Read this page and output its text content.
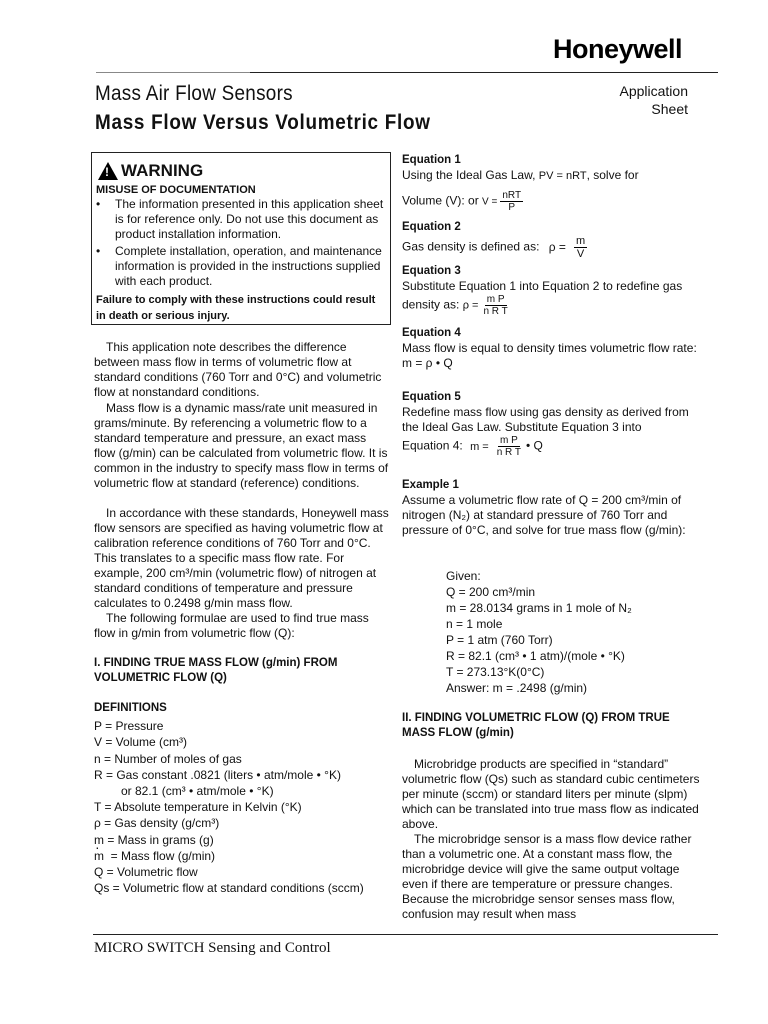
Honeywell
Mass Air Flow Sensors
Mass Flow Versus Volumetric Flow
Application
Sheet
! WARNING
MISUSE OF DOCUMENTATION
• The information presented in this application sheet is for reference only. Do not use this document as product installation information.
• Complete installation, operation, and maintenance information is provided in the instructions supplied with each product.
Failure to comply with these instructions could result in death or serious injury.
This application note describes the difference between mass flow in terms of volumetric flow at standard conditions (760 Torr and 0°C) and volumetric flow at nonstandard conditions.
Mass flow is a dynamic mass/rate unit measured in grams/minute. By referencing a volumetric flow to a standard temperature and pressure, an exact mass flow (g/min) can be calculated from volumetric flow. It is common in the industry to specify mass flow in terms of volumetric flow at standard (reference) conditions.
In accordance with these standards, Honeywell mass flow sensors are specified as having volumetric flow at calibration reference conditions of 760 Torr and 0°C. This translates to a specific mass flow rate. For example, 200 cm³/min (volumetric flow) of nitrogen at standard conditions of temperature and pressure calculates to 0.2498 g/min mass flow.
The following formulae are used to find true mass flow in g/min from volumetric flow (Q):
I. FINDING TRUE MASS FLOW (g/min) FROM VOLUMETRIC FLOW (Q)
DEFINITIONS
P = Pressure
V = Volume (cm³)
n = Number of moles of gas
R = Gas constant .0821 (liters • atm/mole • °K)
or 82.1 (cm³ • atm/mole • °K)
T = Absolute temperature in Kelvin (°K)
ρ = Gas density (g/cm³)
m = Mass in grams (g)
· m = Mass flow (g/min)
Q = Volumetric flow
Qs = Volumetric flow at standard conditions (sccm)
Equation 1
Using the Ideal Gas Law, PV = nRT, solve for
Volume (V): or $V = \frac{\text{nRT}}{P}$
Equation 2
Gas density is defined as: $\rho = \frac{m}{V}$
Equation 3
Substitute Equation 1 into Equation 2 to redefine gas density as: $\rho = \frac{\text{m P}}{\text{n R T}}$
Equation 4
Mass flow is equal to density times volumetric flow rate: m = ρ • Q
Equation 5
Redefine mass flow using gas density as derived from the Ideal Gas Law. Substitute Equation 3 into
Equation 4: $m = \frac{\text{m P}}{\text{n R T}}$ • Q
Example 1
Assume a volumetric flow rate of Q = 200 cm³/min of nitrogen (N₂) at standard pressure of 760 Torr and pressure of 0°C, and solve for true mass flow (g/min):
Given:
Q = 200 cm³/min
m = 28.0134 grams in 1 mole of N₂
n = 1 mole
P = 1 atm (760 Torr)
R = 82.1 (cm³ • 1 atm)/(mole • °K)
T = 273.13°K(0°C)
Answer: m = .2498 (g/min)
II. FINDING VOLUMETRIC FLOW (Q) FROM TRUE MASS FLOW (g/min)
Microbridge products are specified in “standard” volumetric flow (Qs) such as standard cubic centimeters per minute (sccm) or standard liters per minute (slpm) which can be translated into true mass flow as indicated above.
The microbridge sensor is a mass flow device rather than a volumetric one. At a constant mass flow, the microbridge device will give the same output voltage even if there are temperature or pressure changes. Because the microbridge sensor senses mass flow, confusion may result when mass
MICRO SWITCH Sensing and Control
